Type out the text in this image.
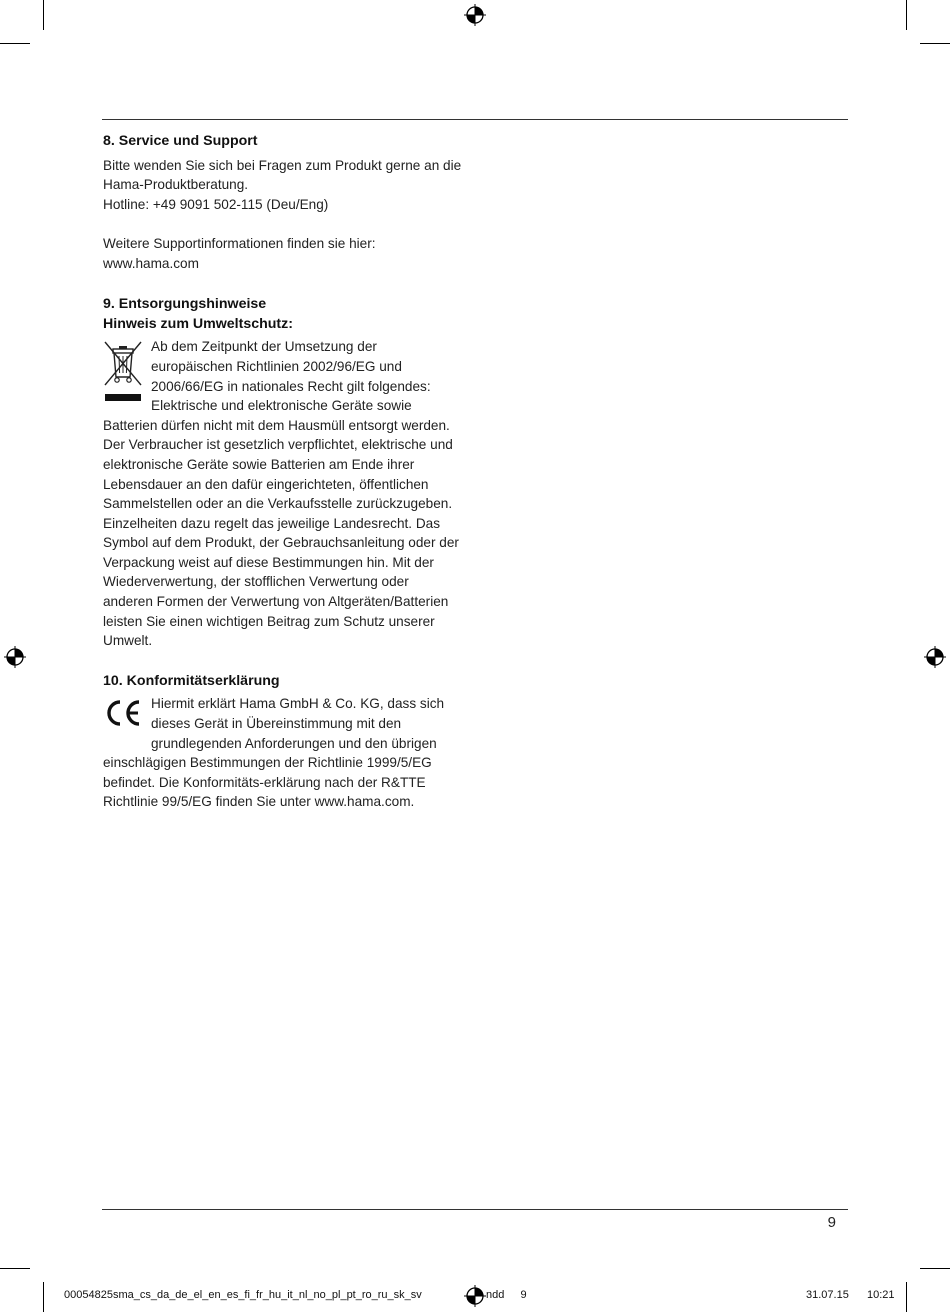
8. Service und Support
Bitte wenden Sie sich bei Fragen zum Produkt gerne an die
Hama-Produktberatung.
Hotline: +49 9091 502-115 (Deu/Eng)
Weitere Supportinformationen finden sie hier:
www.hama.com
9. Entsorgungshinweise
Hinweis zum Umweltschutz:
Ab dem Zeitpunkt der Umsetzung der
europäischen Richtlinien 2002/96/EG und
2006/66/EG in nationales Recht gilt folgendes:
Elektrische und elektronische Geräte sowie
Batterien dürfen nicht mit dem Hausmüll entsorgt werden.
Der Verbraucher ist gesetzlich verpflichtet, elektrische und
elektronische Geräte sowie Batterien am Ende ihrer
Lebensdauer an den dafür eingerichteten, öffentlichen
Sammelstellen oder an die Verkaufsstelle zurückzugeben.
Einzelheiten dazu regelt das jeweilige Landesrecht. Das
Symbol auf dem Produkt, der Gebrauchsanleitung oder der
Verpackung weist auf diese Bestimmungen hin. Mit der
Wiederverwertung, der stofflichen Verwertung oder
anderen Formen der Verwertung von Altgeräten/Batterien
leisten Sie einen wichtigen Beitrag zum Schutz unserer
Umwelt.
10. Konformitätserklärung
Hiermit erklärt Hama GmbH & Co. KG, dass sich
dieses Gerät in Übereinstimmung mit den
grundlegenden Anforderungen und den übrigen
einschlägigen Bestimmungen der Richtlinie 1999/5/EG
befindet. Die Konformitäts-erklärung nach der R&TTE
Richtlinie 99/5/EG finden Sie unter www.hama.com.
9
00054825sma_cs_da_de_el_en_es_fi_fr_hu_it_nl_no_pl_pt_ro_ru_sk_sv	ndd 9	31.07.15 10:21
